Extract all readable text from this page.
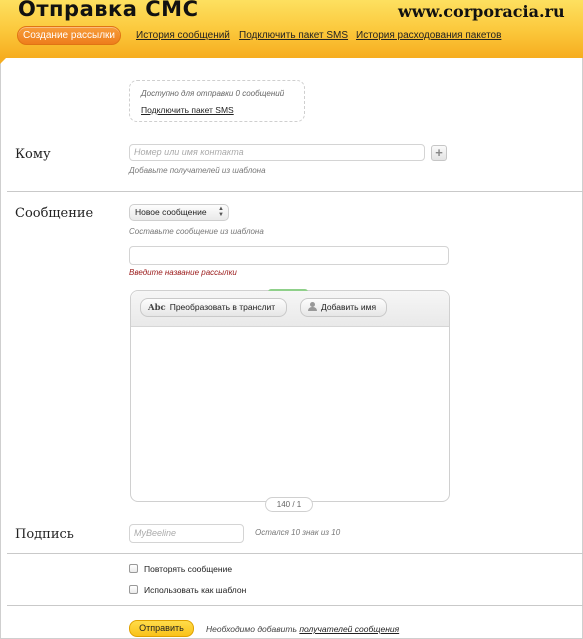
Отправка СМС	www.corporacia.ru
Создание рассылки	История сообщений Подключить пакет SMS История расходования пакетов
Доступно для отправки 0 сообщений
Подключить пакет SMS
Кому	Номер или имя контакта	+
Добавьте получателей из шаблона
Сообщение	Новое сообщение ▲
▼
Составьте сообщение из шаблона
Введите название рассылки
Abc Преобразовать в транслит	Добавить имя
140 / 1
Подпись	MyBeeline	Остался 10 знак из 10
Повторять сообщение
Использовать как шаблон
Отправить	Необходимо добавить получателей сообщения
